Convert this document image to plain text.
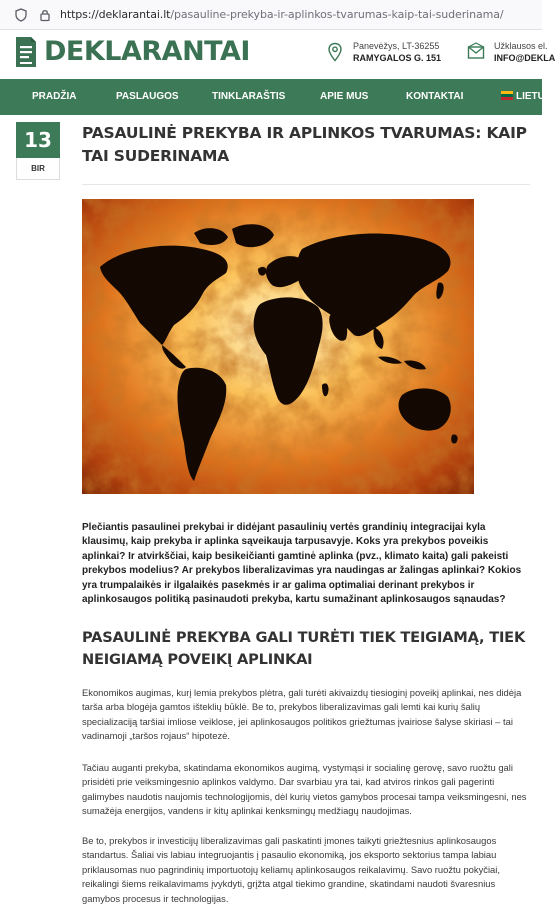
https://deklarantai.lt/pasauline-prekyba-ir-aplinkos-tvarumas-kaip-tai-suderinama/
DEKLARANTAI	Panevėžys, LT-36255
RAMYGALOS G. 151
Užklausos el.
INFO@DEKLA
PRADŽIA	PASLAUGOS	TINKLARAŠTIS	APIE MUS	KONTAKTAI	LIETUV
13
BIR
PASAULINĖ PREKYBA IR APLINKOS TVARUMAS: KAIP TAI SUDERINAMA

Plečiantis pasaulinei prekybai ir didėjant pasaulinių vertės grandinių integracijai kyla klausimų, kaip prekyba ir aplinka sąveikauja tarpusavyje. Koks yra prekybos poveikis aplinkai? Ir atvirkščiai, kaip besikeičianti gamtinė aplinka (pvz., klimato kaita) gali pakeisti prekybos modelius? Ar prekybos liberalizavimas yra naudingas ar žalingas aplinkai? Kokios yra trumpalaikės ir ilgalaikės pasekmės ir ar galima optimaliai derinant prekybos ir aplinkosaugos politiką pasinaudoti prekyba, kartu sumažinant aplinkosaugos sąnaudas?

PASAULINĖ PREKYBA GALI TURĖTI TIEK TEIGIAMĄ, TIEK NEIGIAMĄ POVEIKĮ APLINKAI

Ekonomikos augimas, kurį lemia prekybos plėtra, gali turėti akivaizdų tiesioginį poveikį aplinkai, nes didėja tarša arba blogėja gamtos išteklių būklė. Be to, prekybos liberalizavimas gali lemti kai kurių šalių specializaciją taršiai imliose veiklose, jei aplinkosaugos politikos griežtumas įvairiose šalyse skiriasi – tai vadinamoji „taršos rojaus“ hipotezė.

Tačiau auganti prekyba, skatindama ekonomikos augimą, vystymąsi ir socialinę gerovę, savo ruožtu gali prisidėti prie veiksmingesnio aplinkos valdymo. Dar svarbiau yra tai, kad atviros rinkos gali pagerinti galimybes naudotis naujomis technologijomis, dėl kurių vietos gamybos procesai tampa veiksmingesni, nes sumažėja energijos, vandens ir kitų aplinkai kenksmingų medžiagų naudojimas.

Be to, prekybos ir investicijų liberalizavimas gali paskatinti įmones taikyti griežtesnius aplinkosaugos standartus. Šaliai vis labiau integruojantis į pasaulio ekonomiką, jos eksporto sektorius tampa labiau priklausomas nuo pagrindinių importuotojų keliamų aplinkosaugos reikalavimų. Savo ruožtu pokyčiai, reikalingi šiems reikalavimams įvykdyti, grįžta atgal tiekimo grandine, skatindami naudoti švaresnius gamybos procesus ir technologijas.
